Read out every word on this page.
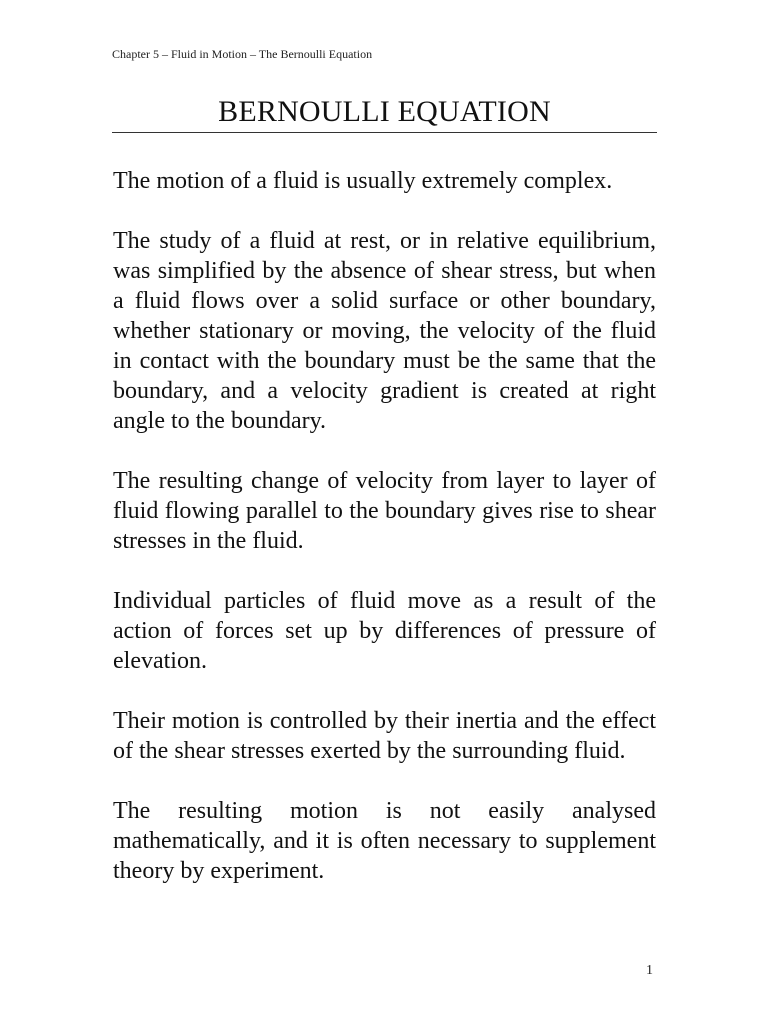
Chapter 5 – Fluid in Motion – The Bernoulli Equation
BERNOULLI EQUATION

The motion of a fluid is usually extremely complex.

The study of a fluid at rest, or in relative equilibrium, was simplified by the absence of shear stress, but when a fluid flows over a solid surface or other boundary, whether stationary or moving, the velocity of the fluid in contact with the boundary must be the same that the boundary, and a velocity gradient is created at right angle to the boundary.

The resulting change of velocity from layer to layer of fluid flowing parallel to the boundary gives rise to shear stresses in the fluid.

Individual particles of fluid move as a result of the action of forces set up by differences of pressure of elevation.

Their motion is controlled by their inertia and the effect of the shear stresses exerted by the surrounding fluid.

The resulting motion is not easily analysed mathematically, and it is often necessary to supplement theory by experiment.

1
